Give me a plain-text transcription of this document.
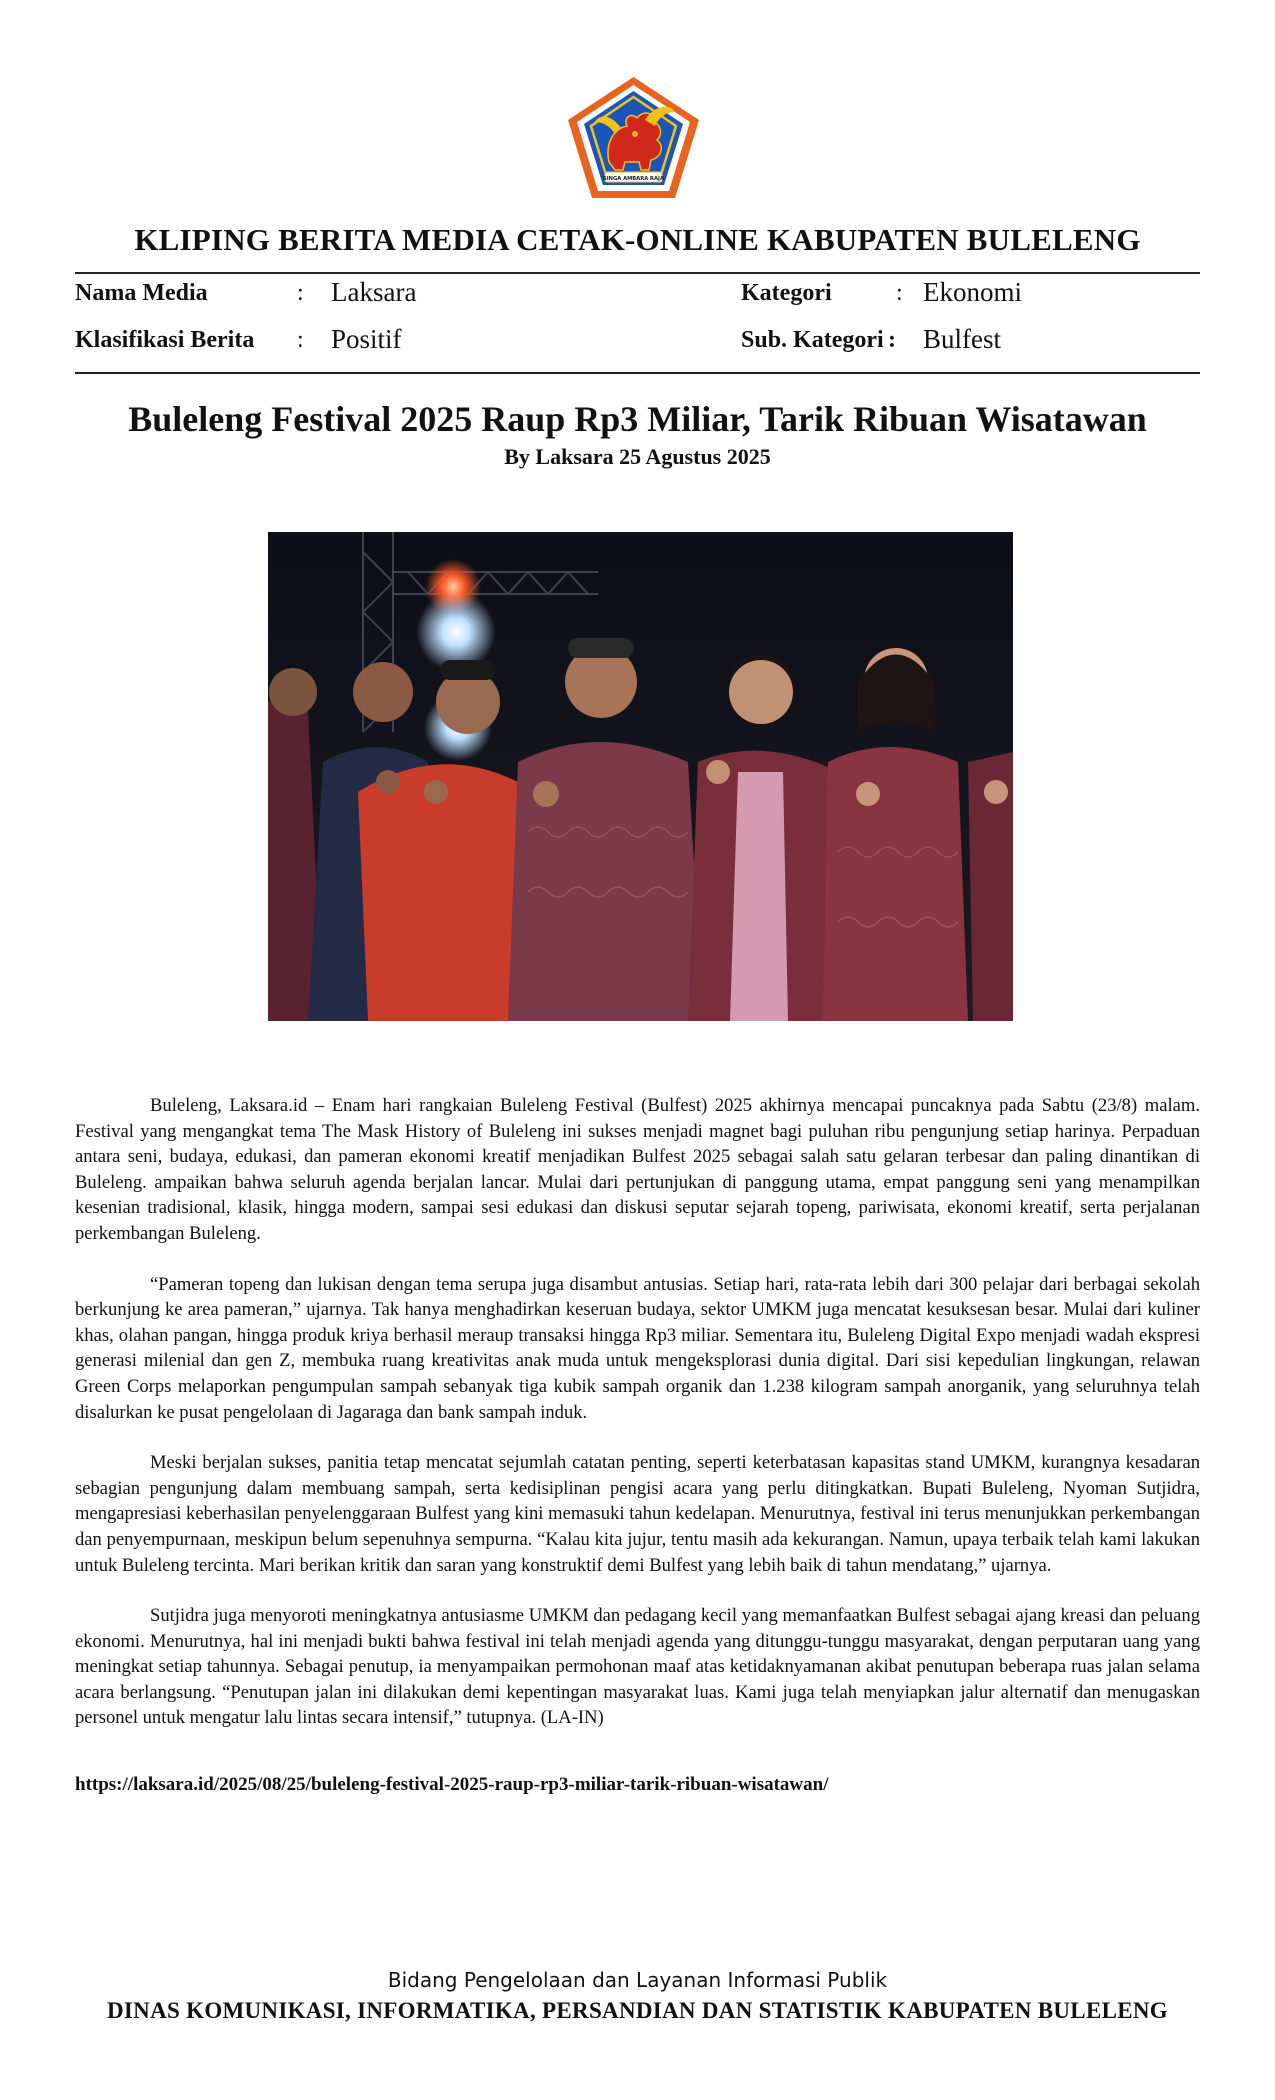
SINGA AMBARA RAJA
KLIPING BERITA MEDIA CETAK-ONLINE KABUPATEN BULELENG
Nama Media	: Laksara
Klasifikasi Berita : Positif
Kategori	: Ekonomi
Sub. Kategori : Bulfest
Buleleng Festival 2025 Raup Rp3 Miliar, Tarik Ribuan Wisatawan
By Laksara 25 Agustus 2025

Buleleng, Laksara.id – Enam hari rangkaian Buleleng Festival (Bulfest) 2025 akhirnya mencapai puncaknya pada Sabtu (23/8) malam. Festival yang mengangkat tema The Mask History of Buleleng ini sukses menjadi magnet bagi puluhan ribu pengunjung setiap harinya. Perpaduan antara seni, budaya, edukasi, dan pameran ekonomi kreatif menjadikan Bulfest 2025 sebagai salah satu gelaran terbesar dan paling dinantikan di Buleleng. ampaikan bahwa seluruh agenda berjalan lancar. Mulai dari pertunjukan di panggung utama, empat panggung seni yang menampilkan kesenian tradisional, klasik, hingga modern, sampai sesi edukasi dan diskusi seputar sejarah topeng, pariwisata, ekonomi kreatif, serta perjalanan perkembangan Buleleng.

“Pameran topeng dan lukisan dengan tema serupa juga disambut antusias. Setiap hari, rata-rata lebih dari 300 pelajar dari berbagai sekolah berkunjung ke area pameran,” ujarnya. Tak hanya menghadirkan keseruan budaya, sektor UMKM juga mencatat kesuksesan besar. Mulai dari kuliner khas, olahan pangan, hingga produk kriya berhasil meraup transaksi hingga Rp3 miliar. Sementara itu, Buleleng Digital Expo menjadi wadah ekspresi generasi milenial dan gen Z, membuka ruang kreativitas anak muda untuk mengeksplorasi dunia digital. Dari sisi kepedulian lingkungan, relawan Green Corps melaporkan pengumpulan sampah sebanyak tiga kubik sampah organik dan 1.238 kilogram sampah anorganik, yang seluruhnya telah disalurkan ke pusat pengelolaan di Jagaraga dan bank sampah induk.

Meski berjalan sukses, panitia tetap mencatat sejumlah catatan penting, seperti keterbatasan kapasitas stand UMKM, kurangnya kesadaran sebagian pengunjung dalam membuang sampah, serta kedisiplinan pengisi acara yang perlu ditingkatkan. Bupati Buleleng, Nyoman Sutjidra, mengapresiasi keberhasilan penyelenggaraan Bulfest yang kini memasuki tahun kedelapan. Menurutnya, festival ini terus menunjukkan perkembangan dan penyempurnaan, meskipun belum sepenuhnya sempurna. “Kalau kita jujur, tentu masih ada kekurangan. Namun, upaya terbaik telah kami lakukan untuk Buleleng tercinta. Mari berikan kritik dan saran yang konstruktif demi Bulfest yang lebih baik di tahun mendatang,” ujarnya.

Sutjidra juga menyoroti meningkatnya antusiasme UMKM dan pedagang kecil yang memanfaatkan Bulfest sebagai ajang kreasi dan peluang ekonomi. Menurutnya, hal ini menjadi bukti bahwa festival ini telah menjadi agenda yang ditunggu-tunggu masyarakat, dengan perputaran uang yang meningkat setiap tahunnya. Sebagai penutup, ia menyampaikan permohonan maaf atas ketidaknyamanan akibat penutupan beberapa ruas jalan selama acara berlangsung. “Penutupan jalan ini dilakukan demi kepentingan masyarakat luas. Kami juga telah menyiapkan jalur alternatif dan menugaskan personel untuk mengatur lalu lintas secara intensif,” tutupnya. (LA-IN)

https://laksara.id/2025/08/25/buleleng-festival-2025-raup-rp3-miliar-tarik-ribuan-wisatawan/
Bidang Pengelolaan dan Layanan Informasi Publik
DINAS KOMUNIKASI, INFORMATIKA, PERSANDIAN DAN STATISTIK KABUPATEN BULELENG
